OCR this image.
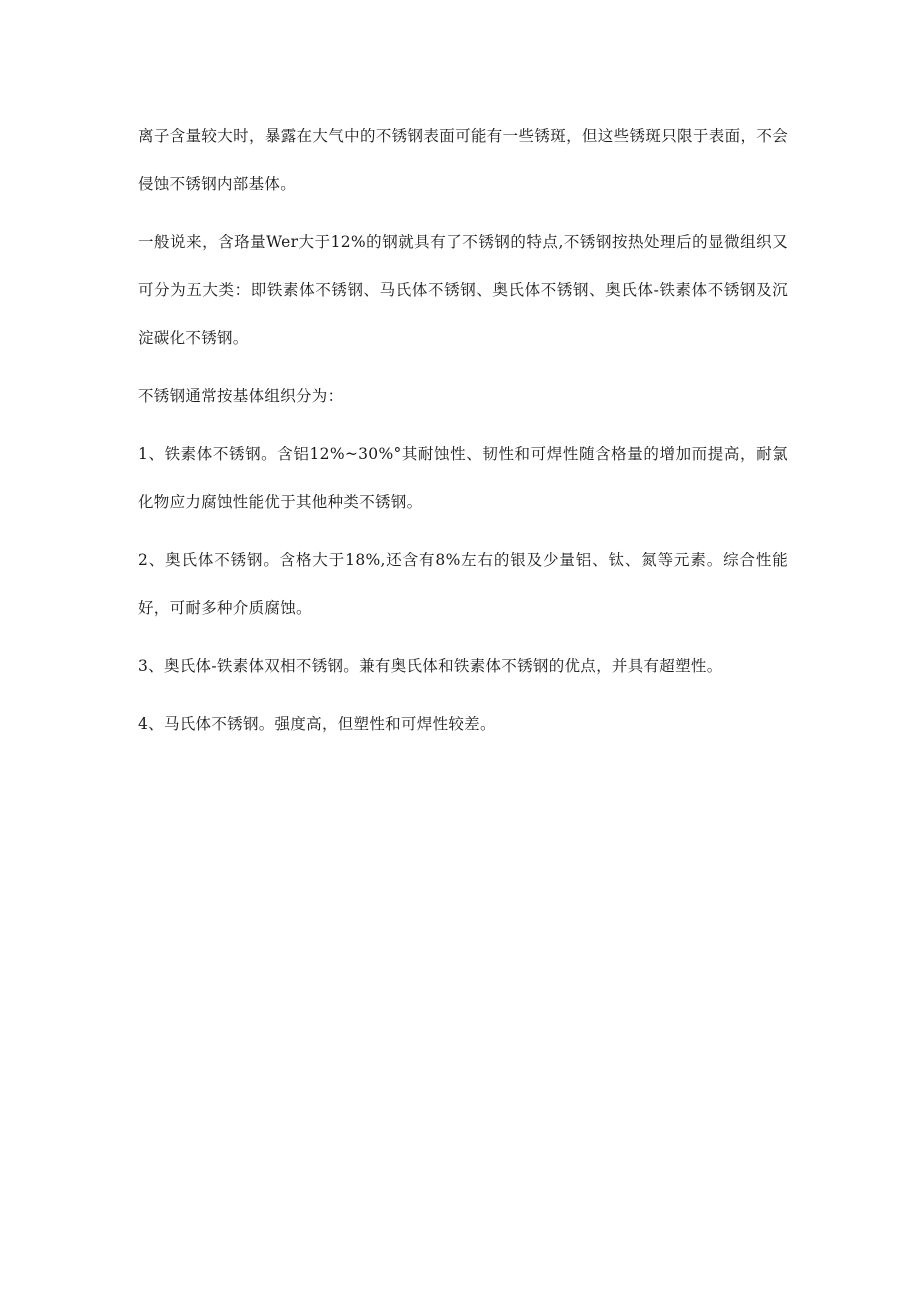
离子含量较大时，暴露在大气中的不锈钢表面可能有一些锈斑，但这些锈斑只限于表面，不会侵蚀不锈钢内部基体。

一般说来，含珞量Wer大于12%的钢就具有了不锈钢的特点,不锈钢按热处理后的显微组织又可分为五大类：即铁素体不锈钢、马氏体不锈钢、奥氏体不锈钢、奥氏体-铁素体不锈钢及沉淀碳化不锈钢。

不锈钢通常按基体组织分为：

1、铁素体不锈钢。含铝12%~30%°其耐蚀性、韧性和可焊性随含格量的增加而提高，耐氯化物应力腐蚀性能优于其他种类不锈钢。

2、奥氏体不锈钢。含格大于18%,还含有8%左右的银及少量铝、钛、氮等元素。综合性能好，可耐多种介质腐蚀。

3、奥氏体-铁素体双相不锈钢。兼有奥氏体和铁素体不锈钢的优点，并具有超塑性。

4、马氏体不锈钢。强度高，但塑性和可焊性较差。
